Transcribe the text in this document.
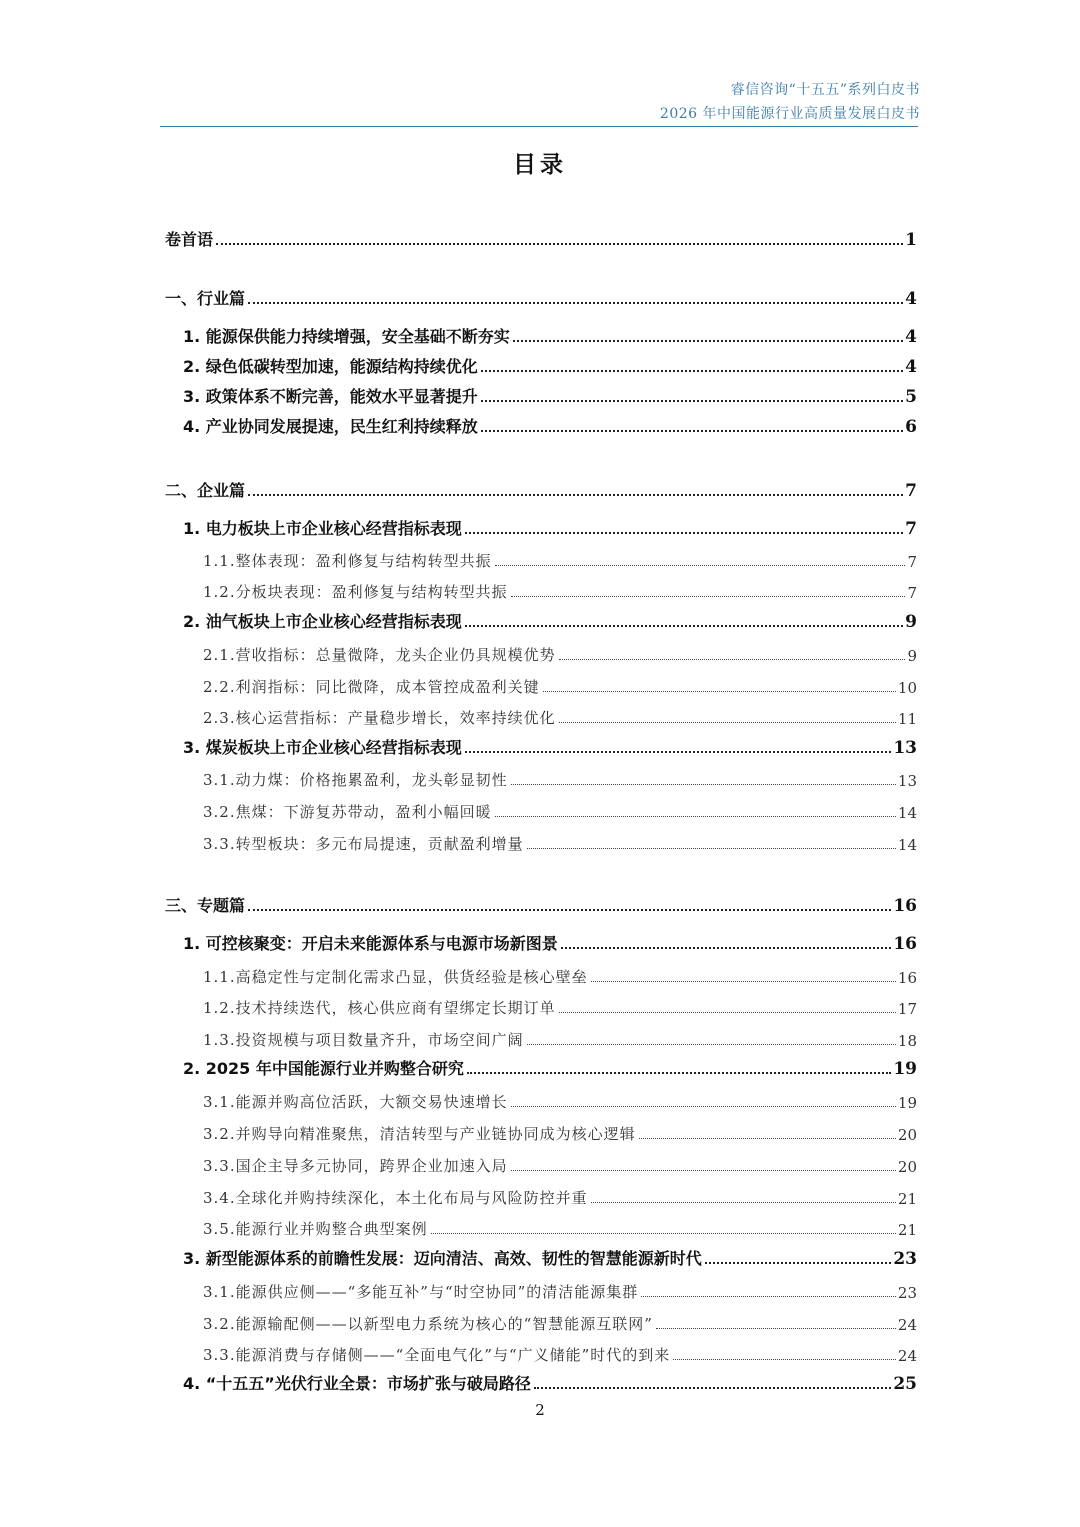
睿信咨询“十五五”系列白皮书
2026 年中国能源行业高质量发展白皮书
目录
卷首语	1
一、行业篇	4
1. 能源保供能力持续增强，安全基础不断夯实	4
2. 绿色低碳转型加速，能源结构持续优化	4
3. 政策体系不断完善，能效水平显著提升	5
4. 产业协同发展提速，民生红利持续释放	6
二、企业篇	7
1. 电力板块上市企业核心经营指标表现	7
1.1.整体表现：盈利修复与结构转型共振	7
1.2.分板块表现：盈利修复与结构转型共振	7
2. 油气板块上市企业核心经营指标表现	9
2.1.营收指标：总量微降，龙头企业仍具规模优势	9
2.2.利润指标：同比微降，成本管控成盈利关键	10
2.3.核心运营指标：产量稳步增长，效率持续优化	11
3. 煤炭板块上市企业核心经营指标表现	13
3.1.动力煤：价格拖累盈利，龙头彰显韧性	13
3.2.焦煤：下游复苏带动，盈利小幅回暖	14
3.3.转型板块：多元布局提速，贡献盈利增量	14
三、专题篇	16
1. 可控核聚变：开启未来能源体系与电源市场新图景	16
1.1.高稳定性与定制化需求凸显，供货经验是核心壁垒	16
1.2.技术持续迭代，核心供应商有望绑定长期订单	17
1.3.投资规模与项目数量齐升，市场空间广阔	18
2. 2025 年中国能源行业并购整合研究	19
3.1.能源并购高位活跃，大额交易快速增长	19
3.2.并购导向精准聚焦，清洁转型与产业链协同成为核心逻辑	20
3.3.国企主导多元协同，跨界企业加速入局	20
3.4.全球化并购持续深化，本土化布局与风险防控并重	21
3.5.能源行业并购整合典型案例	21
3. 新型能源体系的前瞻性发展：迈向清洁、高效、韧性的智慧能源新时代	23
3.1.能源供应侧——“多能互补”与“时空协同”的清洁能源集群	23
3.2.能源输配侧——以新型电力系统为核心的“智慧能源互联网”	24
3.3.能源消费与存储侧——“全面电气化”与“广义储能”时代的到来	24
4. “十五五”光伏行业全景：市场扩张与破局路径	25
2
